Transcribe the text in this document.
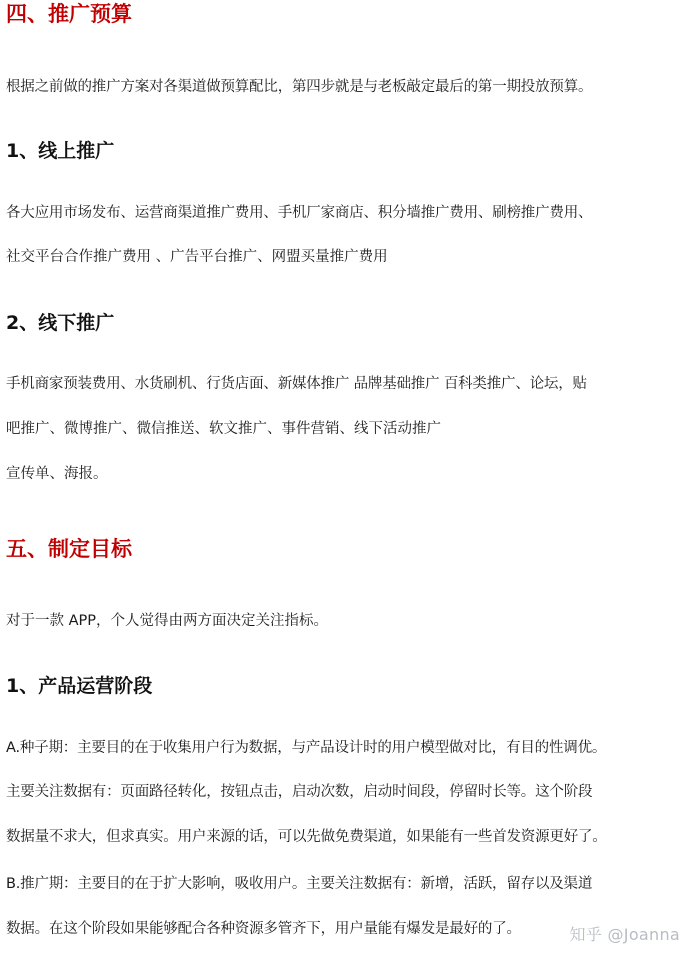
四、推广预算
根据之前做的推广方案对各渠道做预算配比，第四步就是与老板敲定最后的第一期投放预算。
1、线上推广
各大应用市场发布、运营商渠道推广费用、手机厂家商店、积分墙推广费用、刷榜推广费用、
社交平台合作推广费用 、广告平台推广、网盟买量推广费用
2、线下推广
手机商家预装费用、水货刷机、行货店面、新媒体推广 品牌基础推广 百科类推广、论坛，贴
吧推广、微博推广、微信推送、软文推广、事件营销、线下活动推广
宣传单、海报。
五、制定目标
对于一款 APP，个人觉得由两方面决定关注指标。
1、产品运营阶段
A.种子期：主要目的在于收集用户行为数据，与产品设计时的用户模型做对比，有目的性调优。
主要关注数据有：页面路径转化，按钮点击，启动次数，启动时间段，停留时长等。这个阶段
数据量不求大，但求真实。用户来源的话，可以先做免费渠道，如果能有一些首发资源更好了。
B.推广期：主要目的在于扩大影响，吸收用户。主要关注数据有：新增，活跃，留存以及渠道
数据。在这个阶段如果能够配合各种资源多管齐下，用户量能有爆发是最好的了。	知乎 @Joanna
